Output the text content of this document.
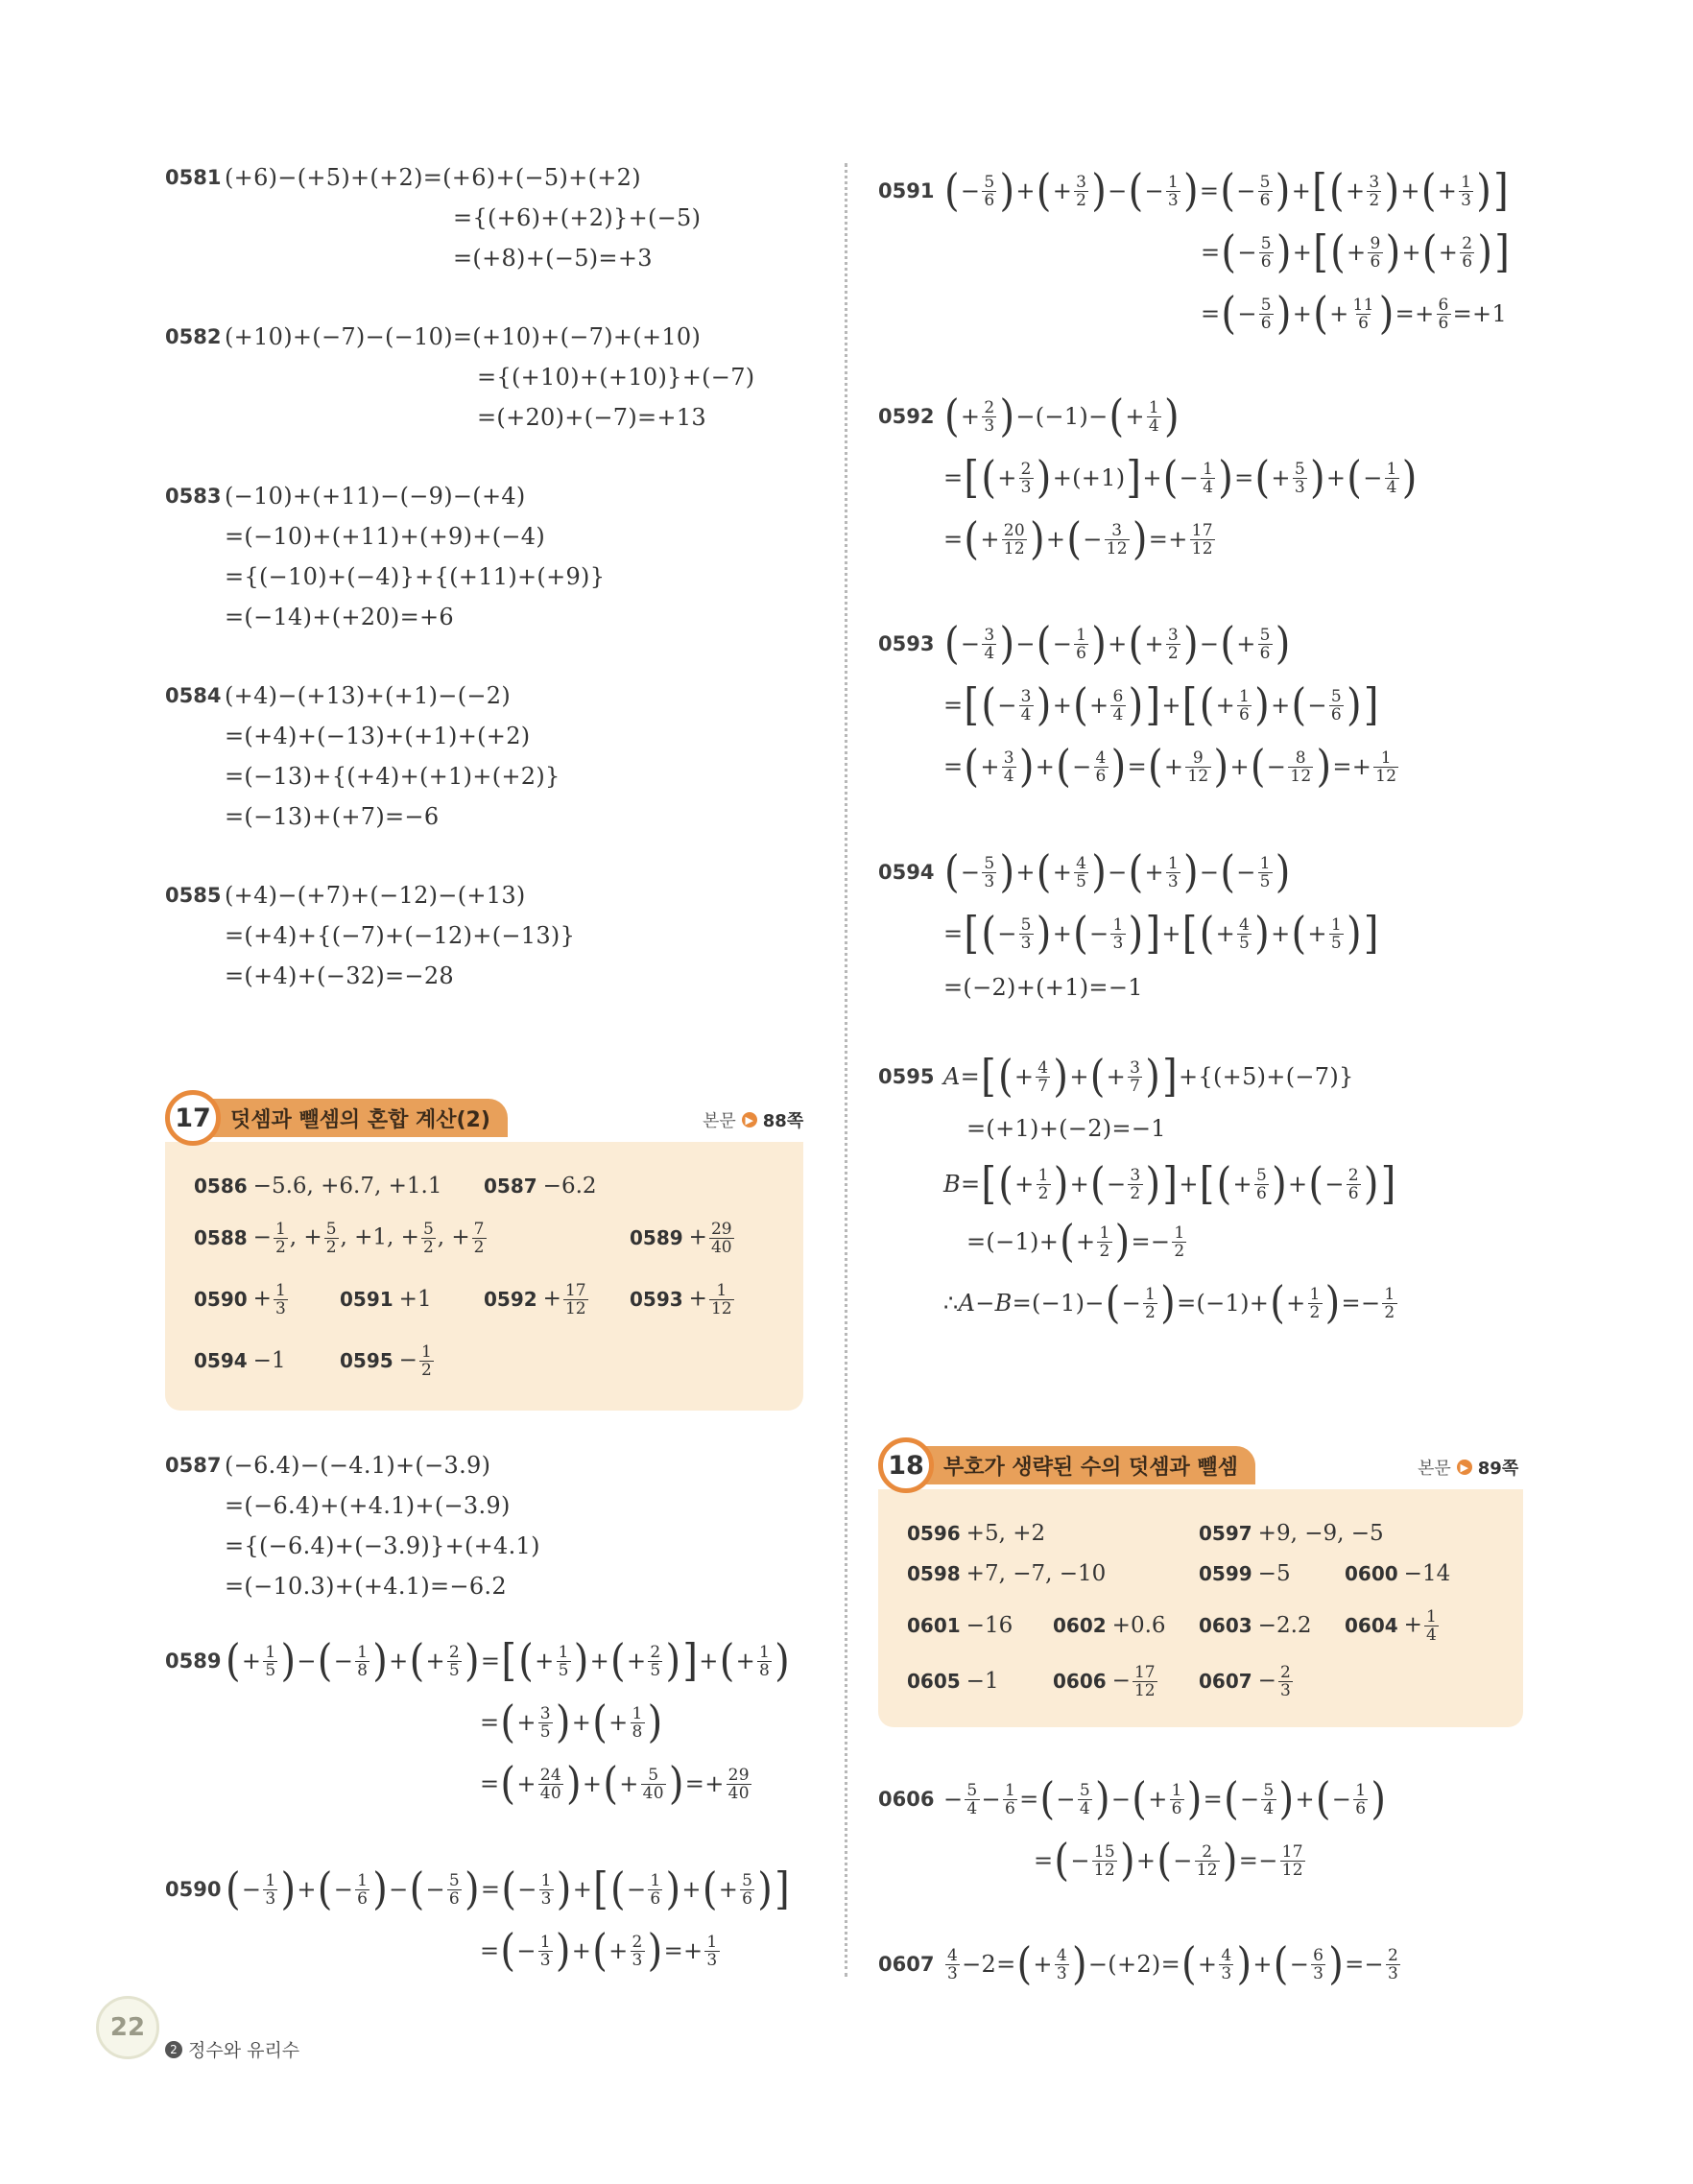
0581 (+6)−(+5)+(+2)=(+6)+(−5)+(+2)
={(+6)+(+2)}+(−5)
=(+8)+(−5)=+3
0582 (+10)+(−7)−(−10)=(+10)+(−7)+(+10)
={(+10)+(+10)}+(−7)
=(+20)+(−7)=+13
0583 (−10)+(+11)−(−9)−(+4)
=(−10)+(+11)+(+9)+(−4)
={(−10)+(−4)}+{(+11)+(+9)}
=(−14)+(+20)=+6
0584 (+4)−(+13)+(+1)−(−2)
=(+4)+(−13)+(+1)+(+2)
=(−13)+{(+4)+(+1)+(+2)}
=(−13)+(+7)=−6
0585 (+4)−(+7)+(−12)−(+13)
=(+4)+{(−7)+(−12)+(−13)}
=(+4)+(−32)=−28
17 덧셈과 뺄셈의 혼합 계산(2)	본문 ▶ 88쪽
0586 −5.6, +6.7, +1.1 0587 −6.2
$0588 - \frac{1}{2}$ , + $\frac{5}{2}$ , +1, + $\frac{5}{2}$ , + $\frac{7}{2}$	$0589 + \frac{29}{40}$
$0590 + \frac{1}{3}$	0591 +1	$0592 + \frac{17}{12} 0593 + \frac{1}{12}$
0594 −1	$0595 - \frac{1}{2}$
0587 (−6.4)−(−4.1)+(−3.9)
=(−6.4)+(+4.1)+(−3.9)
={(−6.4)+(−3.9)}+(+4.1)
=(−10.3)+(+4.1)=−6.2
0589 ( + $\frac{1}{5}$ ) − ( − $\frac{1}{8}$ ) + ( + $\frac{2}{5}$ ) = [ ( + $\frac{1}{5}$ ) + ( + $\frac{2}{5}$ ) ] + ( + $\frac{1}{8}$ )
= ( + $\frac{3}{5}$ ) + ( + $\frac{1}{8}$ )
= ( + $\frac{24}{40}$ ) + ( + $\frac{5}{40}$ ) =+ $\frac{29}{40}$
0590 ( − $\frac{1}{3}$ ) + ( − $\frac{1}{6}$ ) − ( − $\frac{5}{6}$ ) = ( − $\frac{1}{3}$ ) + [ ( − $\frac{1}{6}$ ) + ( + $\frac{5}{6}$ ) ]
= ( − $\frac{1}{3}$ ) + ( + $\frac{2}{3}$ ) =+ $\frac{1}{3}$
0591 ( − $\frac{5}{6}$ ) + ( + $\frac{3}{2}$ ) − ( − $\frac{1}{3}$ ) = ( − $\frac{5}{6}$ ) + [ ( + $\frac{3}{2}$ ) + ( + $\frac{1}{3}$ ) ]
= ( − $\frac{5}{6}$ ) + [ ( + $\frac{9}{6}$ ) + ( + $\frac{2}{6}$ ) ]
= ( − $\frac{5}{6}$ ) + ( + $\frac{11}{6}$ ) =+ $\frac{6}{6} =+1$
0592 ( + $\frac{2}{3}$ ) −(−1)− ( + $\frac{1}{4}$ )
= [ ( + $\frac{2}{3}$ ) +(+1) ] + ( − $\frac{1}{4}$ ) = ( + $\frac{5}{3}$ ) + ( − $\frac{1}{4}$ )
= ( + $\frac{20}{12}$ ) + ( − $\frac{3}{12}$ ) =+ $\frac{17}{12}$
0593 ( − $\frac{3}{4}$ ) − ( − $\frac{1}{6}$ ) + ( + $\frac{3}{2}$ ) − ( + $\frac{5}{6}$ )
= [ ( − $\frac{3}{4}$ ) + ( + $\frac{6}{4}$ ) ] + [ ( + $\frac{1}{6}$ ) + ( − $\frac{5}{6}$ ) ]
= ( + $\frac{3}{4}$ ) + ( − $\frac{4}{6}$ ) = ( + $\frac{9}{12}$ ) + ( − $\frac{8}{12}$ ) =+ $\frac{1}{12}$
0594 ( − $\frac{5}{3}$ ) + ( + $\frac{4}{5}$ ) − ( + $\frac{1}{3}$ ) − ( − $\frac{1}{5}$ )
= [ ( − $\frac{5}{3}$ ) + ( − $\frac{1}{3}$ ) ] + [ ( + $\frac{4}{5}$ ) + ( + $\frac{1}{5}$ ) ]
=(−2)+(+1)=−1
0595 A = [ ( + $\frac{4}{7}$ ) + ( + $\frac{3}{7}$ ) ] +{(+5)+(−7)}
=(+1)+(−2)=−1
B = [ ( + $\frac{1}{2}$ ) + ( − $\frac{3}{2}$ ) ] + [ ( + $\frac{5}{6}$ ) + ( − $\frac{2}{6}$ ) ]
=(−1)+ ( + $\frac{1}{2}$ ) =− $\frac{1}{2}$
∴ A − B =(−1)− ( − $\frac{1}{2}$ ) =(−1)+ ( + $\frac{1}{2}$ ) =− $\frac{1}{2}$
18 부호가 생략된 수의 덧셈과 뺄셈	본문 ▶ 89쪽
0596 +5, +2	0597 +9, −9, −5
0598 +7, −7, −10	0599 −5	0600 −14
0601 −16 0602 +0.6 0603 −2.2 $0604 + \frac{1}{4}$
0605 −1	$0606 - \frac{17}{12} 0607 - \frac{2}{3}$
$0606 - \frac{5}{4} - \frac{1}{6}$ = ( − $\frac{5}{4}$ ) − ( + $\frac{1}{6}$ ) = ( − $\frac{5}{4}$ ) + ( − $\frac{1}{6}$ )
= ( − $\frac{15}{12}$ ) + ( − $\frac{2}{12}$ ) =− $\frac{17}{12}$
$0607 \frac{4}{3} -2=$ ( + $\frac{4}{3}$ ) −(+2)= ( + $\frac{4}{3}$ ) + ( − $\frac{6}{3}$ ) =− $\frac{2}{3}$
22
2 정수와 유리수
